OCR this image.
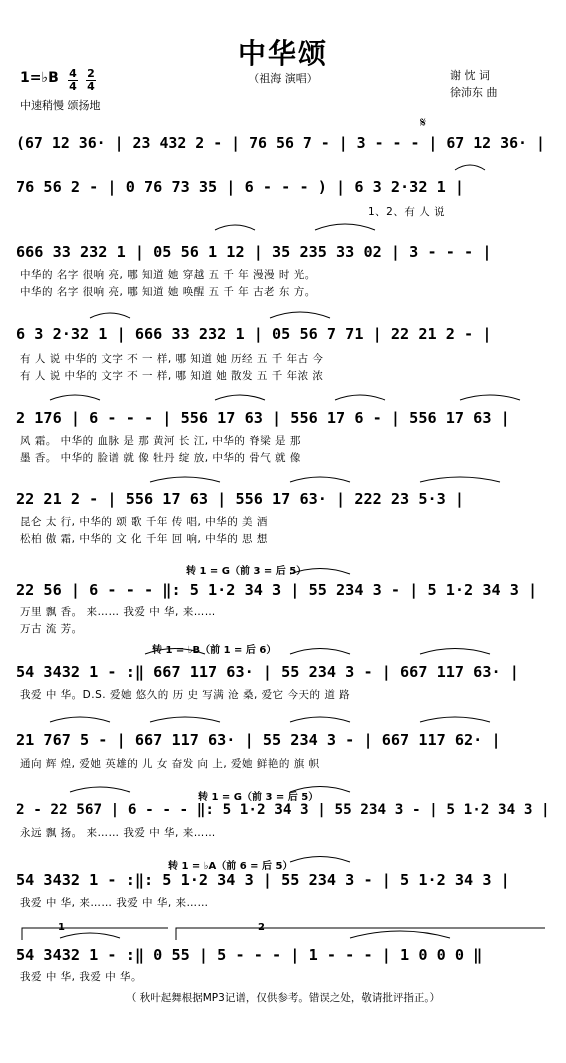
中华颂
（祖海 演唱）	谢 忱 词
徐沛东 曲
1=♭B 4
4
2
4
中速稍慢 颂扬地
(67 12 36· | 23 432 2 - | 76 56 7 - | 3 - - - | 67 12 36· |
76 56 2 - | 0 76 73 35 | 6 - - - ) | 6 3 2·32 1 |
1、2、有 人 说
666 33 232 1 | 05 56 1 12 | 35 235 33 02 | 3 - - - |
中华的 名字 很响 亮, 哪 知道 她 穿越 五 千 年 漫漫 时 光。
中华的 名字 很响 亮, 哪 知道 她 唤醒 五 千 年 古老 东 方。
6 3 2·32 1 | 666 33 232 1 | 05 56 7 71 | 22 21 2 - |
有 人 说 中华的 文字 不 一 样, 哪 知道 她 历经 五 千 年古 今
有 人 说 中华的 文字 不 一 样, 哪 知道 她 散发 五 千 年浓 浓
2 176 | 6 - - - | 556 17 63 | 556 17 6 - | 556 17 63 |
风 霜。 中华的 血脉 是 那 黄河 长 江, 中华的 脊梁 是 那
墨 香。 中华的 脸谱 就 像 牡丹 绽 放, 中华的 骨气 就 像
22 21 2 - | 556 17 63 | 556 17 63· | 222 23 5·3 |
昆仑 太 行, 中华的 颂 歌 千年 传 唱, 中华的 美 酒
松柏 傲 霜, 中华的 文 化 千年 回 响, 中华的 思 想
转 1 = G（前 3 = 后 5）
22 56 | 6 - - - ‖: 5 1·2 34 3 | 55 234 3 - | 5 1·2 34 3 |
万里 飘 香。 来…… 我爱 中 华, 来……
万古 流 芳。
转 1 = ♭B（前 1 = 后 6）
54 3432 1 - :‖ 667 117 63· | 55 234 3 - | 667 117 63· |
我爱 中 华。D.S. 爱她 悠久的 历 史 写满 沧 桑, 爱它 今天的 道 路
21 767 5 - | 667 117 63· | 55 234 3 - | 667 117 62· |
通向 辉 煌, 爱她 英雄的 儿 女 奋发 向 上, 爱她 鲜艳的 旗 帜
转 1 = G（前 3 = 后 5）
2 - 22 567 | 6 - - - ‖: 5 1·2 34 3 | 55 234 3 - | 5 1·2 34 3 |
永远 飘 扬。 来…… 我爱 中 华, 来……
转 1 = ♭A（前 6 = 后 5）
54 3432 1 - :‖: 5 1·2 34 3 | 55 234 3 - | 5 1·2 34 3 |
我爱 中 华, 来…… 我爱 中 华, 来……
1	2
54 3432 1 - :‖ 0 55 | 5 - - - | 1 - - - | 1 0 0 0 ‖
我爱 中 华, 我爱 中 华。
（ 秋叶起舞根据MP3记谱，仅供参考。错误之处，敬请批评指正。）
𝄋
